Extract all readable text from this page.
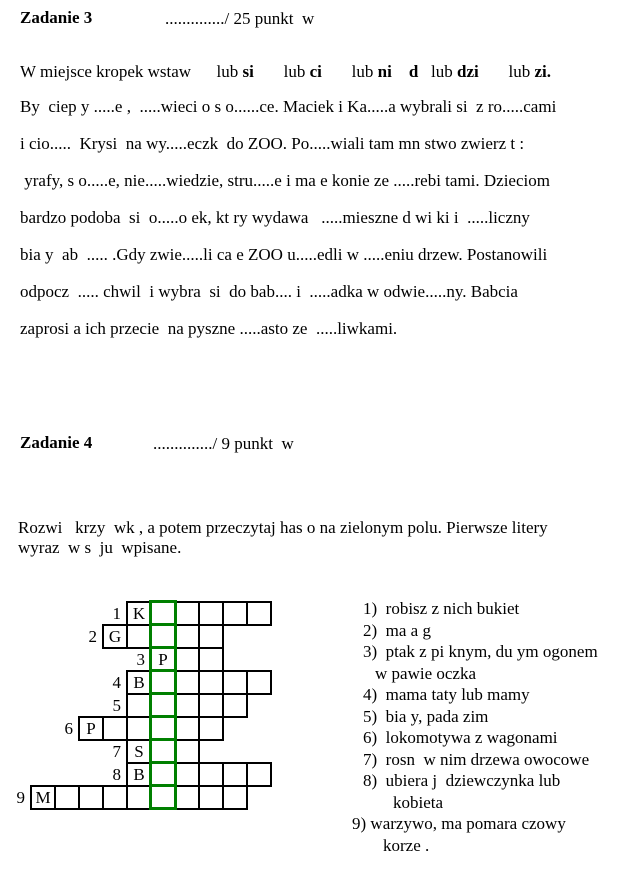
Zadanie 3	............../ 25 punkt  w
W miejsce kropek wstaw      lub si       lub ci       lub ni d   lub dzi       lub zi.
By  ciep y .....e ,  .....wieci o s o......ce. Maciek i Ka.....a wybrali si  z ro.....cami
i cio.....  Krysi  na wy.....eczk  do ZOO. Po.....wiali tam mn stwo zwierz t :
yrafy, s o.....e, nie.....wiedzie, stru.....e i ma e konie ze .....rebi tami. Dzieciom
bardzo podoba  si  o.....o ek, kt ry wydawa   .....mieszne d wi ki i  .....liczny
bia y  ab  ..... .Gdy zwie.....li ca e ZOO u.....edli w .....eniu drzew. Postanowili
odpocz  ..... chwil  i wybra  si  do bab.... i  .....adka w odwie.....ny. Babcia
zaprosi a ich przecie  na pyszne .....asto ze  .....liwkami.
Zadanie 4	............../ 9 punkt  w
Rozwi   krzy  wk , a potem przeczytaj has o na zielonym polu. Pierwsze litery
wyraz  w s  ju  wpisane.
1 K
2 G
3 P
4 B
5
6 P
7 S
8 B
9 M
1)  robisz z nich bukiet
2)  ma a g
3)  ptak z pi knym, du ym ogonem
w pawie oczka
4)  mama taty lub mamy
5)  bia y, pada zim
6)  lokomotywa z wagonami
7)  rosn  w nim drzewa owocowe
8)  ubiera j  dziewczynka lub
kobieta
9) warzywo, ma pomara czowy
korze .
